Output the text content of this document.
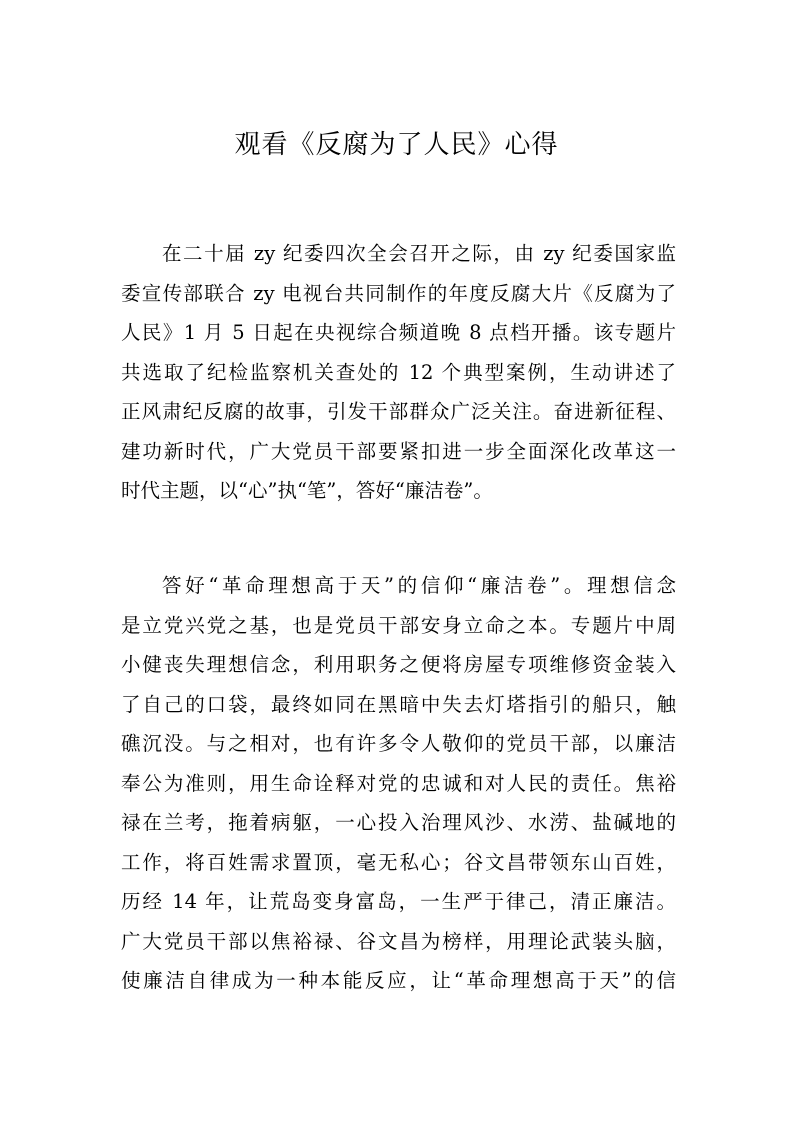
观看《反腐为了人民》心得
在二十届 zy 纪委四次全会召开之际，由 zy 纪委国家监
委宣传部联合 zy 电视台共同制作的年度反腐大片《反腐为了
人民》1 月 5 日起在央视综合频道晚 8 点档开播。该专题片
共选取了纪检监察机关查处的 12 个典型案例，生动讲述了
正风肃纪反腐的故事，引发干部群众广泛关注。奋进新征程、
建功新时代，广大党员干部要紧扣进一步全面深化改革这一
时代主题，以“心”执“笔”，答好“廉洁卷”。
答好“革命理想高于天”的信仰“廉洁卷”。理想信念
是立党兴党之基，也是党员干部安身立命之本。专题片中周
小健丧失理想信念，利用职务之便将房屋专项维修资金装入
了自己的口袋，最终如同在黑暗中失去灯塔指引的船只，触
礁沉没。与之相对，也有许多令人敬仰的党员干部，以廉洁
奉公为准则，用生命诠释对党的忠诚和对人民的责任。焦裕
禄在兰考，拖着病躯，一心投入治理风沙、水涝、盐碱地的
工作，将百姓需求置顶，毫无私心；谷文昌带领东山百姓，
历经 14 年，让荒岛变身富岛，一生严于律己，清正廉洁。
广大党员干部以焦裕禄、谷文昌为榜样，用理论武装头脑，
使廉洁自律成为一种本能反应，让“革命理想高于天”的信
